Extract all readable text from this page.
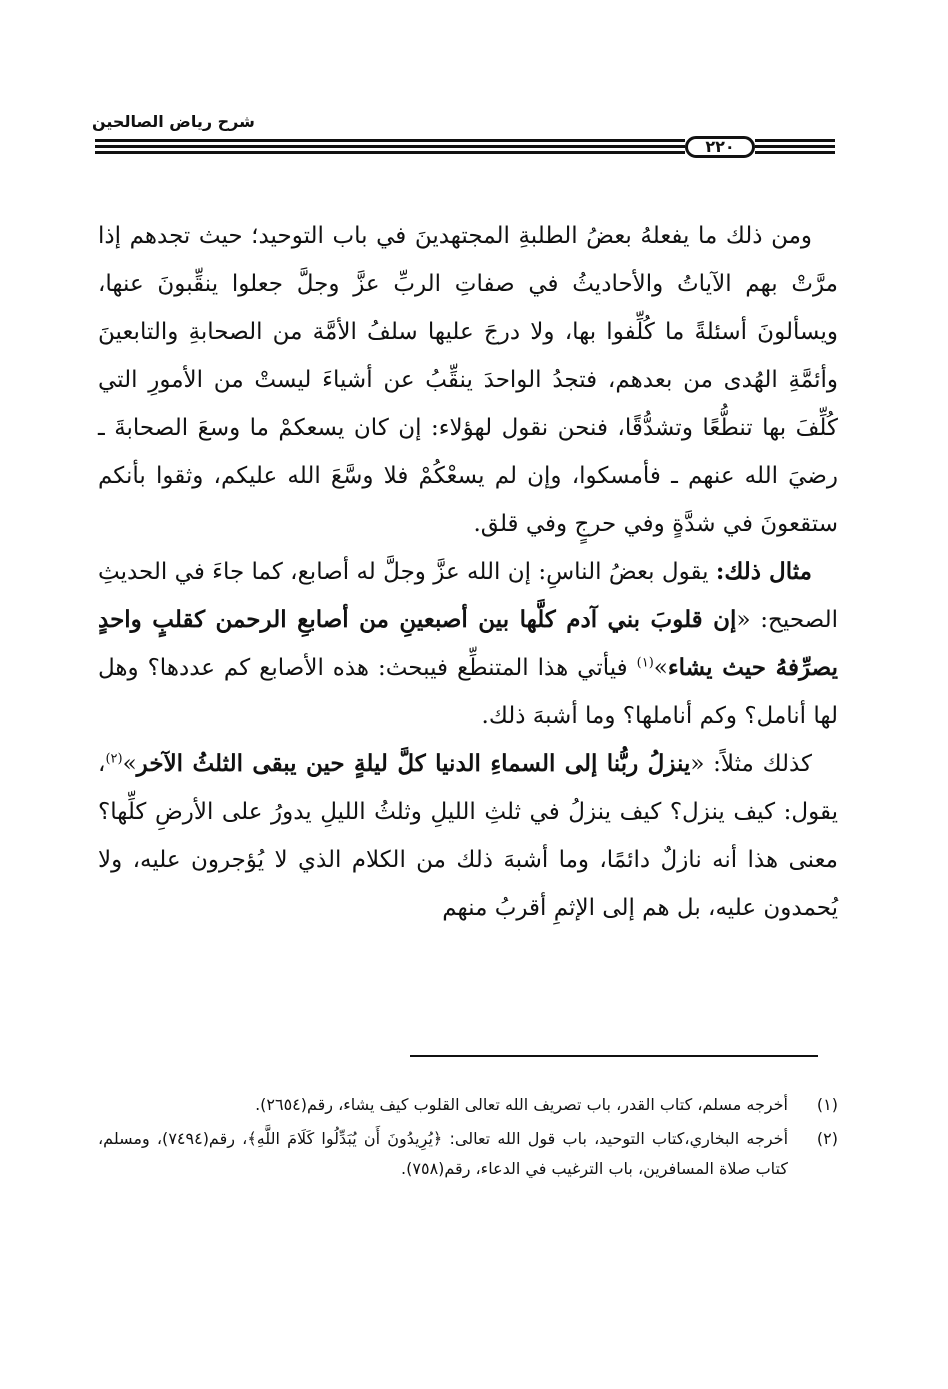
شرح رياض الصالحين
٢٢٠

ومن ذلك ما يفعلهُ بعضُ الطلبةِ المجتهدينَ في باب التوحيد؛ حيث تجدهم إذا مرَّتْ بهم الآياتُ والأحاديثُ في صفاتِ الربِّ عزَّ وجلَّ جعلوا ينقِّبونَ عنها، ويسألونَ أسئلةً ما كُلِّفوا بها، ولا درجَ عليها سلفُ الأمَّة من الصحابةِ والتابعينَ وأئمَّةِ الهُدى من بعدهم، فتجدُ الواحدَ ينقِّبُ عن أشياءَ ليستْ من الأمورِ التي كُلِّفَ بها تنطُّعًا وتشدُّقًا، فنحن نقول لهؤلاء: إن كان يسعكمْ ما وسعَ الصحابةَ ـ رضيَ الله عنهم ـ فأمسكوا، وإن لم يسعْكُمْ فلا وسَّعَ الله عليكم، وثقوا بأنكم ستقعونَ في شدَّةٍ وفي حرجٍ وفي قلق.

مثال ذلك: يقول بعضُ الناسِ: إن الله عزَّ وجلَّ له أصابع، كما جاءَ في الحديثِ الصحيح: «إن قلوبَ بني آدم كلَّها بين أصبعينِ من أصابعِ الرحمن كقلبٍ واحدٍ يصرِّفهُ حيث يشاء»$^{(١)}$ فيأتي هذا المتنطِّع فيبحث: هذه الأصابع كم عددها؟ وهل لها أنامل؟ وكم أناملها؟ وما أشبهَ ذلك.

كذلك مثلاً: «ينزلُ ربُّنا إلى السماءِ الدنيا كلَّ ليلةٍ حين يبقى الثلثُ الآخر»$^{(٢)}$، يقول: كيف ينزل؟ كيف ينزلُ في ثلثِ الليلِ وثلثُ الليلِ يدورُ على الأرضِ كلِّها؟ معنى هذا أنه نازلٌ دائمًا، وما أشبهَ ذلك من الكلام الذي لا يُؤجرون عليه، ولا يُحمدون عليه، بل هم إلى الإثمِ أقربُ منهم

(١)
أخرجه مسلم، كتاب القدر، باب تصريف الله تعالى القلوب كيف يشاء، رقم(٢٦٥٤).
(٢)
أخرجه البخاري،كتاب التوحيد، باب قول الله تعالى: ﴿يُرِيدُونَ أَن يُبَدِّلُوا كَلَامَ اللَّهِ﴾، رقم(٧٤٩٤)، ومسلم، كتاب صلاة المسافرين، باب الترغيب في الدعاء، رقم(٧٥٨).
